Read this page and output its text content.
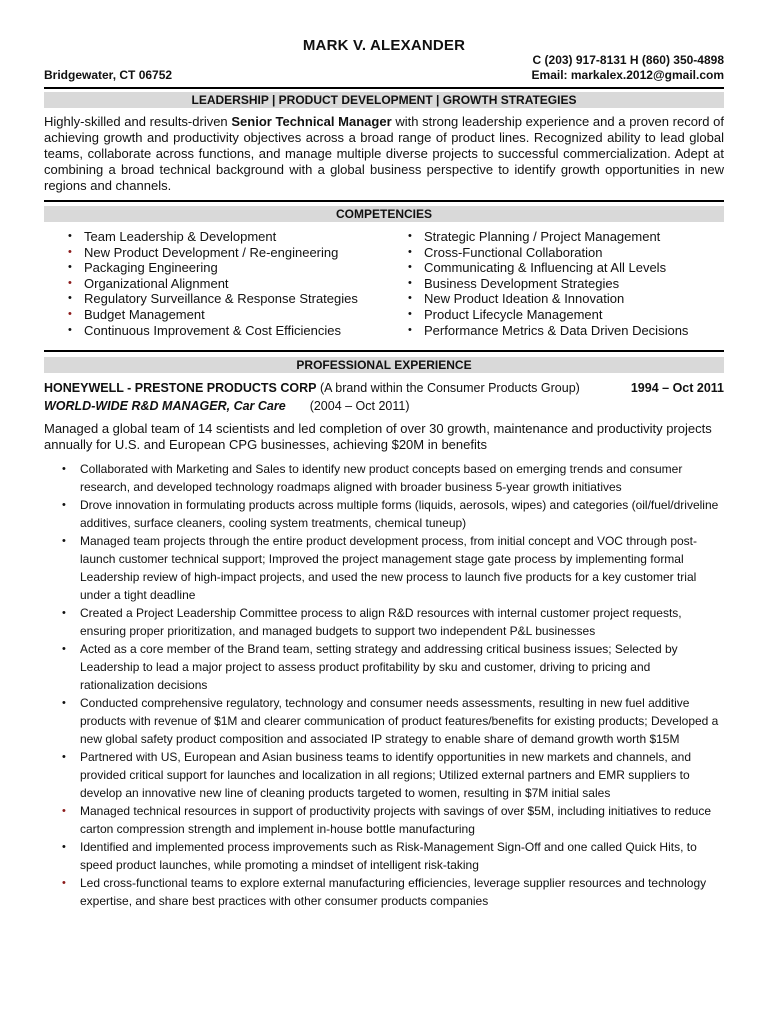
MARK V. ALEXANDER
C (203) 917-8131 H (860) 350-4898
Bridgewater, CT 06752	Email: markalex.2012@gmail.com
LEADERSHIP | PRODUCT DEVELOPMENT | GROWTH STRATEGIES
Highly-skilled and results-driven Senior Technical Manager with strong leadership experience and a proven record of achieving growth and productivity objectives across a broad range of product lines. Recognized ability to lead global teams, collaborate across functions, and manage multiple diverse projects to successful commercialization. Adept at combining a broad technical background with a global business perspective to identify growth opportunities in new regions and channels.
COMPETENCIES
• Team Leadership & Development
• New Product Development / Re-engineering
• Packaging Engineering
• Organizational Alignment
• Regulatory Surveillance & Response Strategies
• Budget Management
• Continuous Improvement & Cost Efficiencies
• Strategic Planning / Project Management
• Cross-Functional Collaboration
• Communicating & Influencing at All Levels
• Business Development Strategies
• New Product Ideation & Innovation
• Product Lifecycle Management
• Performance Metrics & Data Driven Decisions
PROFESSIONAL EXPERIENCE
HONEYWELL - PRESTONE PRODUCTS CORP (A brand within the Consumer Products Group)	1994 – Oct 2011
WORLD-WIDE R&D MANAGER, Car Care (2004 – Oct 2011)
Managed a global team of 14 scientists and led completion of over 30 growth, maintenance and productivity projects annually for U.S. and European CPG businesses, achieving $20M in benefits
• Collaborated with Marketing and Sales to identify new product concepts based on emerging trends and consumer research, and developed technology roadmaps aligned with broader business 5-year growth initiatives
• Drove innovation in formulating products across multiple forms (liquids, aerosols, wipes) and categories (oil/fuel/driveline additives, surface cleaners, cooling system treatments, chemical tuneup)
• Managed team projects through the entire product development process, from initial concept and VOC through post-launch customer technical support; Improved the project management stage gate process by implementing formal Leadership review of high-impact projects, and used the new process to launch five products for a key customer trial under a tight deadline
• Created a Project Leadership Committee process to align R&D resources with internal customer project requests, ensuring proper prioritization, and managed budgets to support two independent P&L businesses
• Acted as a core member of the Brand team, setting strategy and addressing critical business issues; Selected by Leadership to lead a major project to assess product profitability by sku and customer, driving to pricing and rationalization decisions
• Conducted comprehensive regulatory, technology and consumer needs assessments, resulting in new fuel additive products with revenue of $1M and clearer communication of product features/benefits for existing products; Developed a new global safety product composition and associated IP strategy to enable share of demand growth worth $15M
• Partnered with US, European and Asian business teams to identify opportunities in new markets and channels, and provided critical support for launches and localization in all regions; Utilized external partners and EMR suppliers to develop an innovative new line of cleaning products targeted to women, resulting in $7M initial sales
• Managed technical resources in support of productivity projects with savings of over $5M, including initiatives to reduce carton compression strength and implement in-house bottle manufacturing
• Identified and implemented process improvements such as Risk-Management Sign-Off and one called Quick Hits, to speed product launches, while promoting a mindset of intelligent risk-taking
• Led cross-functional teams to explore external manufacturing efficiencies, leverage supplier resources and technology expertise, and share best practices with other consumer products companies
